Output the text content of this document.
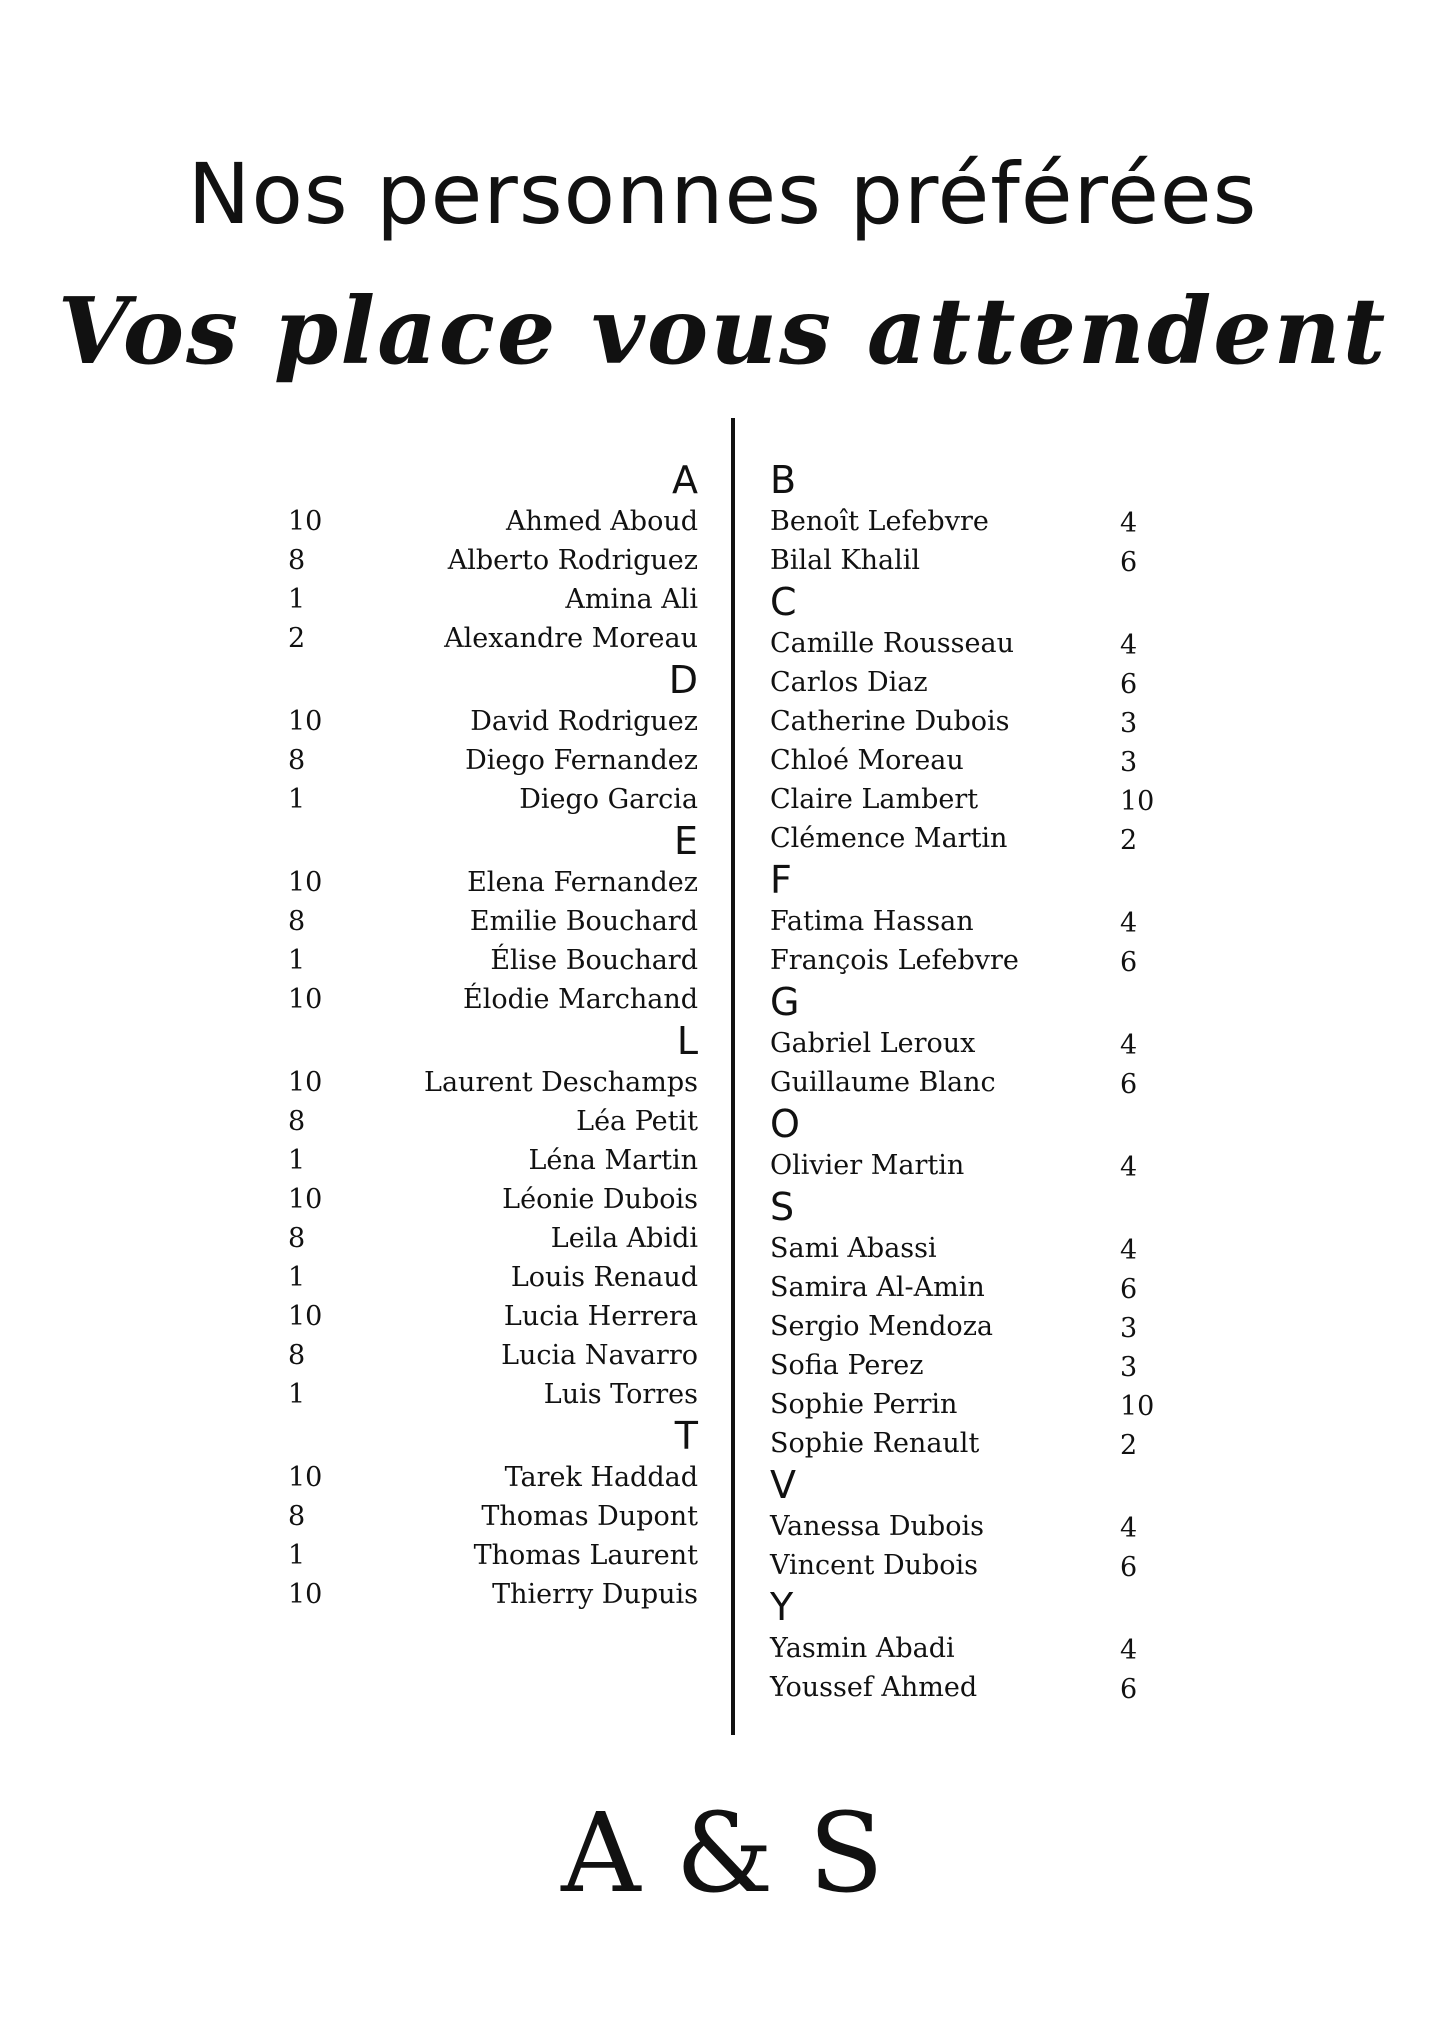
Nos personnes préférées
Vos place vous attendent
A
10	Ahmed Aboud
8	Alberto Rodriguez
1	Amina Ali
2	Alexandre Moreau
D
10	David Rodriguez
8	Diego Fernandez
1	Diego Garcia
E
10	Elena Fernandez
8	Emilie Bouchard
1	Élise Bouchard
10	Élodie Marchand
L
10	Laurent Deschamps
8	Léa Petit
1	Léna Martin
10	Léonie Dubois
8	Leila Abidi
1	Louis Renaud
10	Lucia Herrera
8	Lucia Navarro
1	Luis Torres
T
10	Tarek Haddad
8	Thomas Dupont
1	Thomas Laurent
10	Thierry Dupuis
B
Benoît Lefebvre	4
Bilal Khalil	6
C
Camille Rousseau	4
Carlos Diaz	6
Catherine Dubois	3
Chloé Moreau	3
Claire Lambert	10
Clémence Martin	2
F
Fatima Hassan	4
François Lefebvre	6
G
Gabriel Leroux	4
Guillaume Blanc	6
O
Olivier Martin	4
S
Sami Abassi	4
Samira Al-Amin	6
Sergio Mendoza	3
Sofia Perez	3
Sophie Perrin	10
Sophie Renault	2
V
Vanessa Dubois	4
Vincent Dubois	6
Y
Yasmin Abadi	4
Youssef Ahmed	6
A & S
